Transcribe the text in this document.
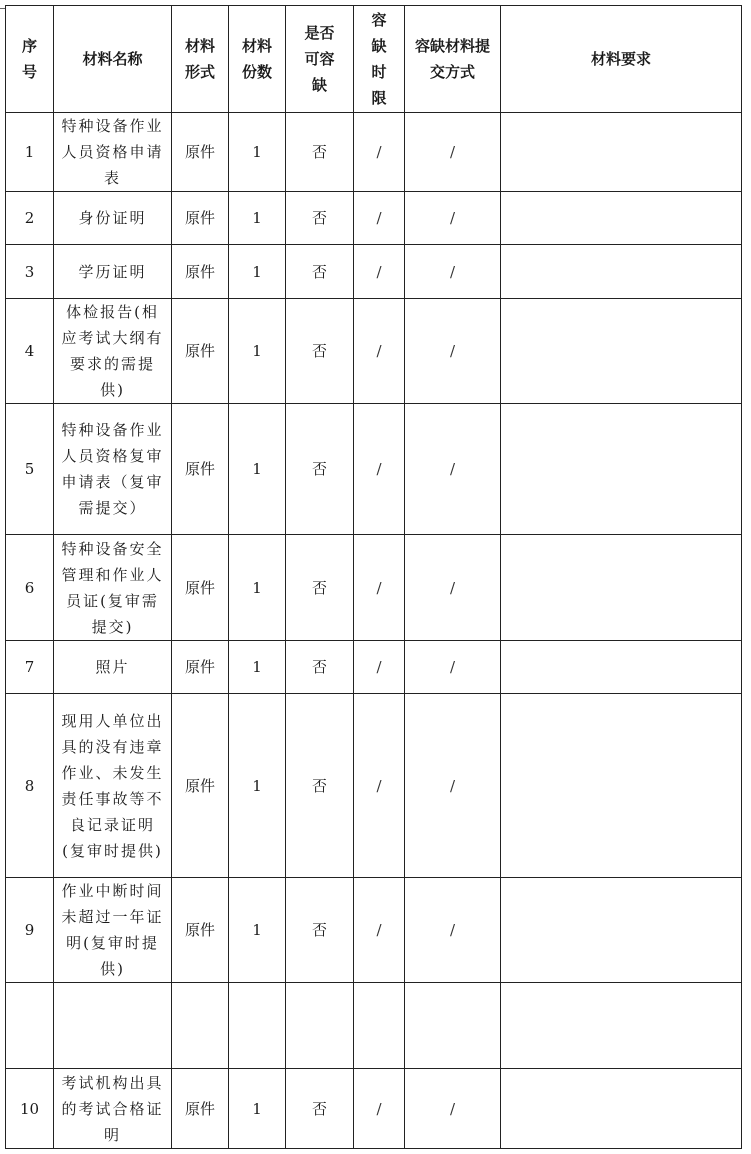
序号	材料名称	材料形式	材料份数	是否可容缺	容缺时限	容缺材料提交方式	材料要求
1	特种设备作业人员资格申请表	原件	1	否	/	/	
2	身份证明	原件	1	否	/	/	
3	学历证明	原件	1	否	/	/	
4	体检报告(相应考试大纲有要求的需提供)	原件	1	否	/	/	
5	特种设备作业人员资格复审申请表（复审需提交）	原件	1	否	/	/	
6	特种设备安全管理和作业人员证(复审需提交)	原件	1	否	/	/	
7	照片	原件	1	否	/	/	
8	现用人单位出具的没有违章作业、未发生责任事故等不良记录证明(复审时提供)	原件	1	否	/	/	
9	作业中断时间未超过一年证明(复审时提供)	原件	1	否	/	/	

10	考试机构出具的考试合格证明	原件	1	否	/	/	
